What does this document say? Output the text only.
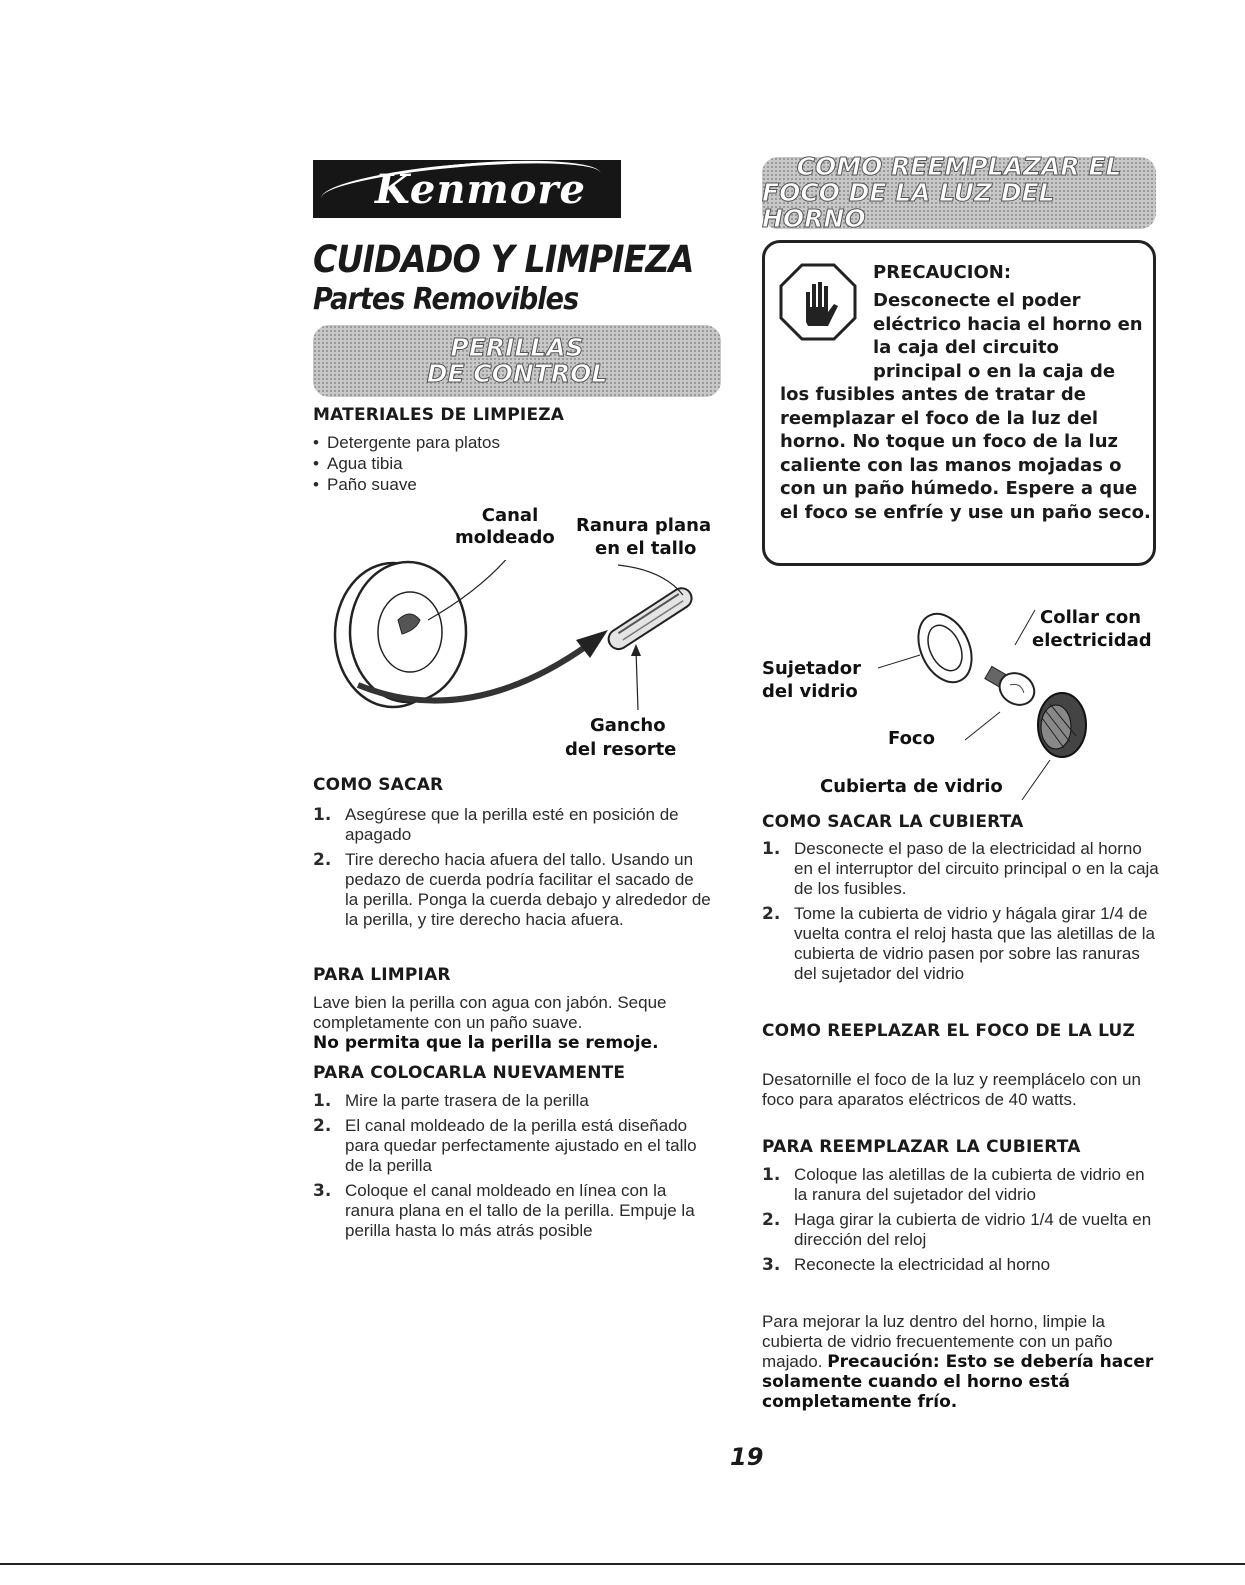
Kenmore
CUIDADO Y LIMPIEZA
Partes Removibles
PERILLAS
DE CONTROL
MATERIALES DE LIMPIEZA
• Detergente para platos
• Agua tibia
• Paño suave
Canal
moldeado
Ranura plana
en el tallo
Gancho
del resorte
COMO SACAR
1. Asegúrese que la perilla esté en posición de apagado
2. Tire derecho hacia afuera del tallo. Usando un pedazo de cuerda podría facilitar el sacado de la perilla. Ponga la cuerda debajo y alrededor de la perilla, y tire derecho hacia afuera.
PARA LIMPIAR
Lave bien la perilla con agua con jabón. Seque completamente con un paño suave.
No permita que la perilla se remoje.
PARA COLOCARLA NUEVAMENTE
1. Mire la parte trasera de la perilla
2. El canal moldeado de la perilla está diseñado para quedar perfectamente ajustado en el tallo de la perilla
3. Coloque el canal moldeado en línea con la ranura plana en el tallo de la perilla. Empuje la perilla hasta lo más atrás posible
COMO REEMPLAZAR EL
FOCO DE LA LUZ DEL HORNO
PRECAUCION:
Desconecte el poder eléctrico hacia el horno en la caja del circuito principal o en la caja de
los fusibles antes de tratar de reemplazar el foco de la luz del horno. No toque un foco de la luz caliente con las manos mojadas o con un paño húmedo. Espere a que el foco se enfríe y use un paño seco.
Collar con
electricidad
Sujetador
del vidrio
Foco
Cubierta de vidrio
COMO SACAR LA CUBIERTA
1. Desconecte el paso de la electricidad al horno en el interruptor del circuito principal o en la caja de los fusibles.
2. Tome la cubierta de vidrio y hágala girar 1/4 de vuelta contra el reloj hasta que las aletillas de la cubierta de vidrio pasen por sobre las ranuras del sujetador del vidrio
COMO REEPLAZAR EL FOCO DE LA LUZ
Desatornille el foco de la luz y reemplácelo con un foco para aparatos eléctricos de 40 watts.
PARA REEMPLAZAR LA CUBIERTA
1. Coloque las aletillas de la cubierta de vidrio en la ranura del sujetador del vidrio
2. Haga girar la cubierta de vidrio 1/4 de vuelta en dirección del reloj
3. Reconecte la electricidad al horno
Para mejorar la luz dentro del horno, limpie la cubierta de vidrio frecuentemente con un paño majado. Precaución: Esto se debería hacer solamente cuando el horno está completamente frío.
19
